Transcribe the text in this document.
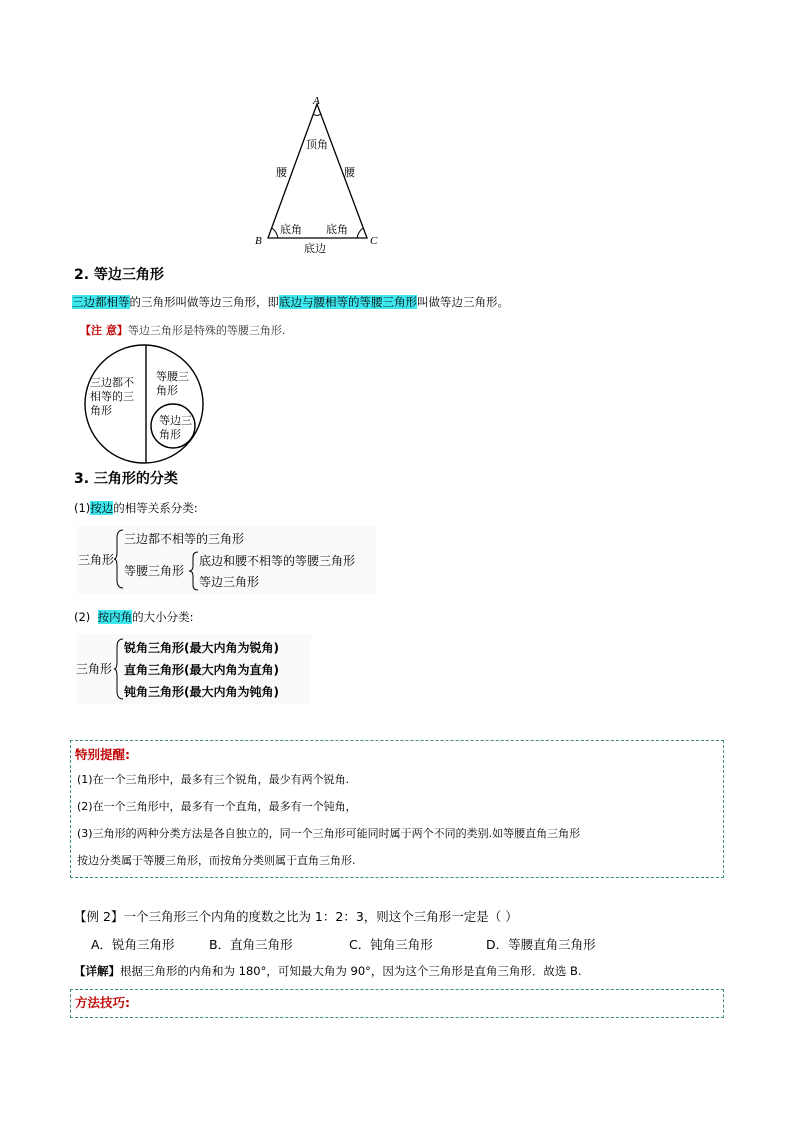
A
B	C
顶角
腰	腰
底角 底角
底边
2. 等边三角形
三边都相等的三角形叫做等边三角形，即底边与腰相等的等腰三角形叫做等边三角形。
【注 意】等边三角形是特殊的等腰三角形.
三边都不
相等的三
角形
等腰三
角形
等边三
角形
3. 三角形的分类
(1)按边的相等关系分类:
三角形
三边都不相等的三角形
等腰三角形
底边和腰不相等的等腰三角形
等边三角形
(2) 按内角的大小分类:
三角形
锐角三角形(最大内角为锐角)
直角三角形(最大内角为直角)
钝角三角形(最大内角为钝角)
特别提醒:
(1)在一个三角形中，最多有三个锐角，最少有两个锐角.
(2)在一个三角形中，最多有一个直角，最多有一个钝角，
(3)三角形的两种分类方法是各自独立的，同一个三角形可能同时属于两个不同的类别.如等腰直角三角形
按边分类属于等腰三角形，而按角分类则属于直角三角形.
【例 2】一个三角形三个内角的度数之比为 1：2：3，则这个三角形一定是（ ）
A．锐角三角形	B．直角三角形	C．钝角三角形	D．等腰直角三角形
【详解】根据三角形的内角和为 180°，可知最大角为 90°，因为这个三角形是直角三角形．故选 B.
方法技巧:
